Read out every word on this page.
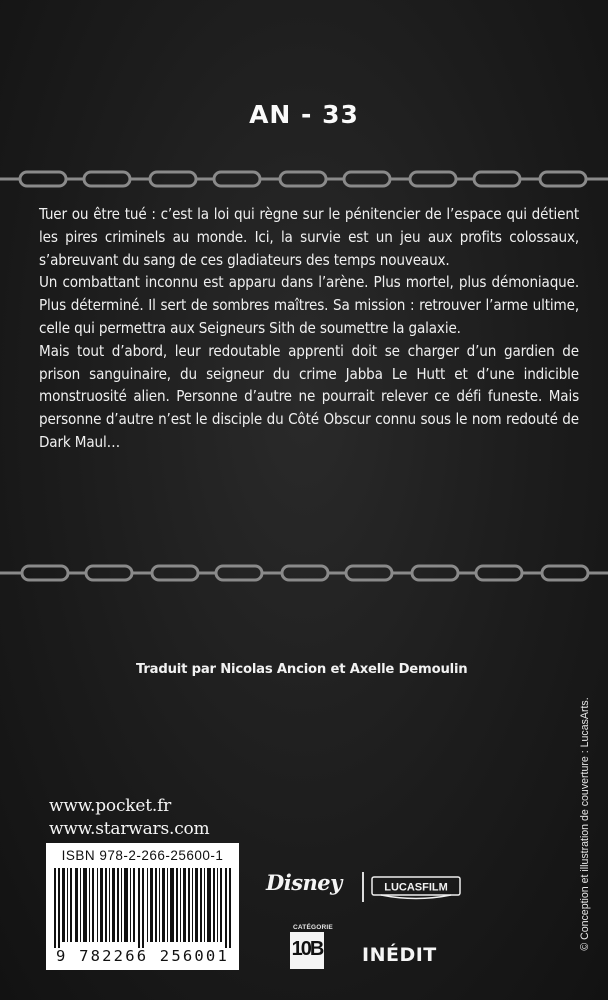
AN - 33

Tuer ou être tué : c’est la loi qui règne sur le pénitencier de l’espace qui détient les pires criminels au monde. Ici, la survie est un jeu aux profits colossaux, s’abreuvant du sang de ces gladiateurs des temps nouveaux.

Un combattant inconnu est apparu dans l’arène. Plus mortel, plus démoniaque. Plus déterminé. Il sert de sombres maîtres. Sa mission : retrouver l’arme ultime, celle qui permettra aux Seigneurs Sith de soumettre la galaxie.

Mais tout d’abord, leur redoutable apprenti doit se charger d’un gardien de prison sanguinaire, du seigneur du crime Jabba Le Hutt et d’une indicible monstruosité alien. Personne d’autre ne pourrait relever ce défi funeste. Mais personne d’autre n’est le disciple du Côté Obscur connu sous le nom redouté de Dark Maul…

Traduit par Nicolas Ancion et Axelle Demoulin
© Conception et illustration de couverture : LucasArts.
www.pocket.fr
www.starwars.com
ISBN 978-2-266-25600-1
9 782266 256001
Disney	LUCASFILM
CATÉGORIE
10B INÉDIT
